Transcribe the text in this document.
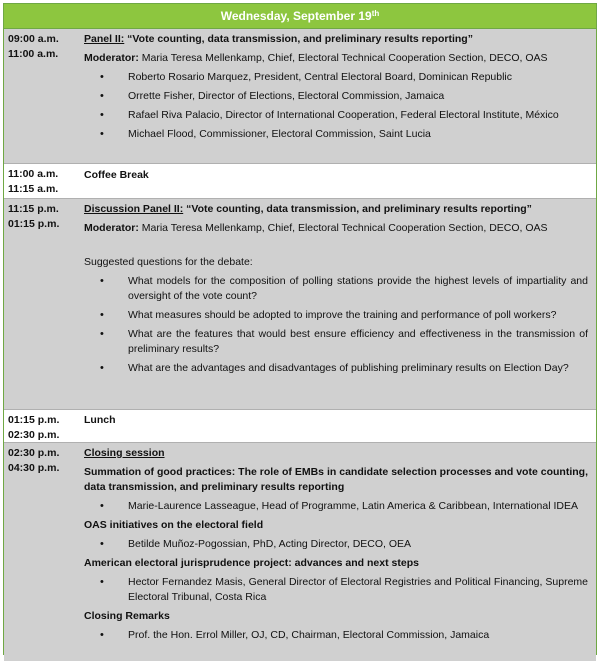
Wednesday, September 19th
09:00 a.m.
11:00 a.m.
Panel II: “Vote counting, data transmission, and preliminary results reporting”
Moderator: Maria Teresa Mellenkamp, Chief, Electoral Technical Cooperation Section, DECO, OAS
• Roberto Rosario Marquez, President, Central Electoral Board, Dominican Republic
• Orrette Fisher, Director of Elections, Electoral Commission, Jamaica
• Rafael Riva Palacio, Director of International Cooperation, Federal Electoral Institute, México
• Michael Flood, Commissioner, Electoral Commission, Saint Lucia
11:00 a.m.
11:15 a.m.
Coffee Break
11:15 p.m.
01:15 p.m.
Discussion Panel II: “Vote counting, data transmission, and preliminary results reporting”
Moderator: Maria Teresa Mellenkamp, Chief, Electoral Technical Cooperation Section, DECO, OAS
Suggested questions for the debate:
• What models for the composition of polling stations provide the highest levels of impartiality and oversight of the vote count?
• What measures should be adopted to improve the training and performance of poll workers?
• What are the features that would best ensure efficiency and effectiveness in the transmission of preliminary results?
• What are the advantages and disadvantages of publishing preliminary results on Election Day?
01:15 p.m.
02:30 p.m.
Lunch
02:30 p.m.
04:30 p.m.
Closing session
Summation of good practices: The role of EMBs in candidate selection processes and vote counting, data transmission, and preliminary results reporting
• Marie-Laurence Lasseague, Head of Programme, Latin America & Caribbean, International IDEA
OAS initiatives on the electoral field
• Betilde Muñoz-Pogossian, PhD, Acting Director, DECO, OEA
American electoral jurisprudence project: advances and next steps
• Hector Fernandez Masis, General Director of Electoral Registries and Political Financing, Supreme Electoral Tribunal, Costa Rica
Closing Remarks
• Prof. the Hon. Errol Miller, OJ, CD, Chairman, Electoral Commission, Jamaica
